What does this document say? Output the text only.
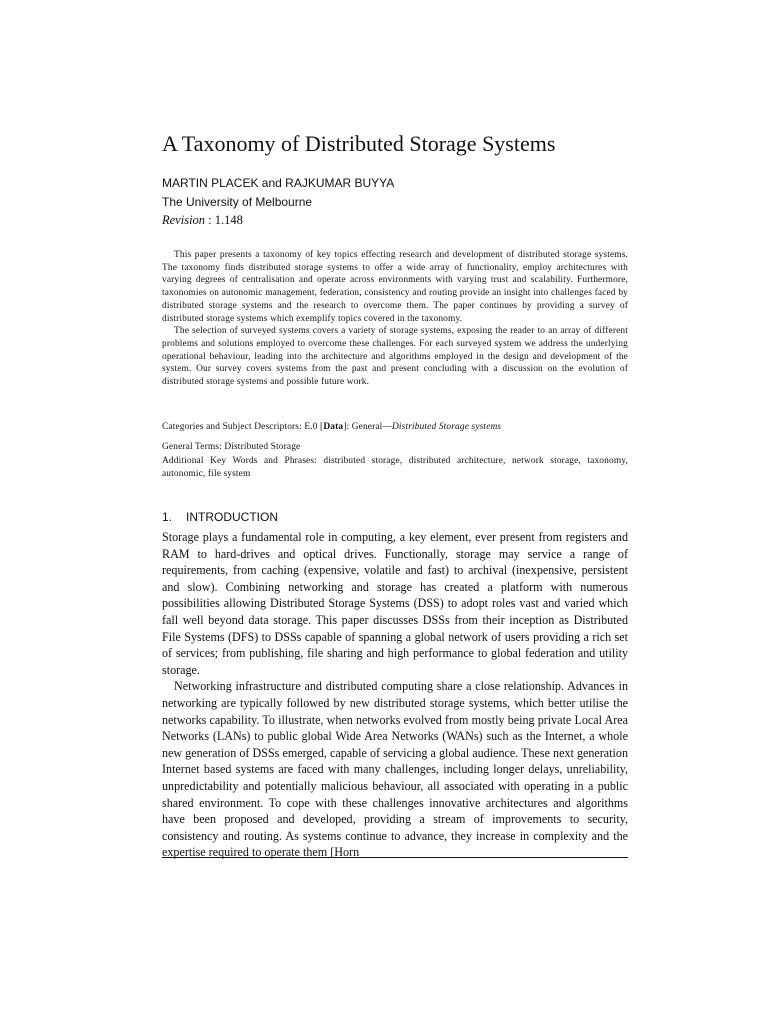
A Taxonomy of Distributed Storage Systems
MARTIN PLACEK and RAJKUMAR BUYYA
The University of Melbourne
Revision : 1.148

This paper presents a taxonomy of key topics effecting research and development of distributed storage systems. The taxonomy finds distributed storage systems to offer a wide array of functionality, employ architectures with varying degrees of centralisation and operate across environments with varying trust and scalability. Furthermore, taxonomies on autonomic management, federation, consistency and routing provide an insight into challenges faced by distributed storage systems and the research to overcome them. The paper continues by providing a survey of distributed storage systems which exemplify topics covered in the taxonomy.

The selection of surveyed systems covers a variety of storage systems, exposing the reader to an array of different problems and solutions employed to overcome these challenges. For each surveyed system we address the underlying operational behaviour, leading into the architecture and algorithms employed in the design and development of the system. Our survey covers systems from the past and present concluding with a discussion on the evolution of distributed storage systems and possible future work.

Categories and Subject Descriptors: E.0 [Data]: General—Distributed Storage systems
General Terms: Distributed Storage
Additional Key Words and Phrases: distributed storage, distributed architecture, network storage, taxonomy, autonomic, file system
1. INTRODUCTION

Storage plays a fundamental role in computing, a key element, ever present from registers and RAM to hard-drives and optical drives. Functionally, storage may service a range of requirements, from caching (expensive, volatile and fast) to archival (inexpensive, persistent and slow). Combining networking and storage has created a platform with numerous possibilities allowing Distributed Storage Systems (DSS) to adopt roles vast and varied which fall well beyond data storage. This paper discusses DSSs from their inception as Distributed File Systems (DFS) to DSSs capable of spanning a global network of users providing a rich set of services; from publishing, file sharing and high performance to global federation and utility storage.

Networking infrastructure and distributed computing share a close relationship. Advances in networking are typically followed by new distributed storage systems, which better utilise the networks capability. To illustrate, when networks evolved from mostly being private Local Area Networks (LANs) to public global Wide Area Networks (WANs) such as the Internet, a whole new generation of DSSs emerged, capable of servicing a global audience. These next generation Internet based systems are faced with many challenges, including longer delays, unreliability, unpredictability and potentially malicious behaviour, all associated with operating in a public shared environment. To cope with these challenges innovative architectures and algorithms have been proposed and developed, providing a stream of improvements to security, consistency and routing. As systems continue to advance, they increase in complexity and the expertise required to operate them [Horn
